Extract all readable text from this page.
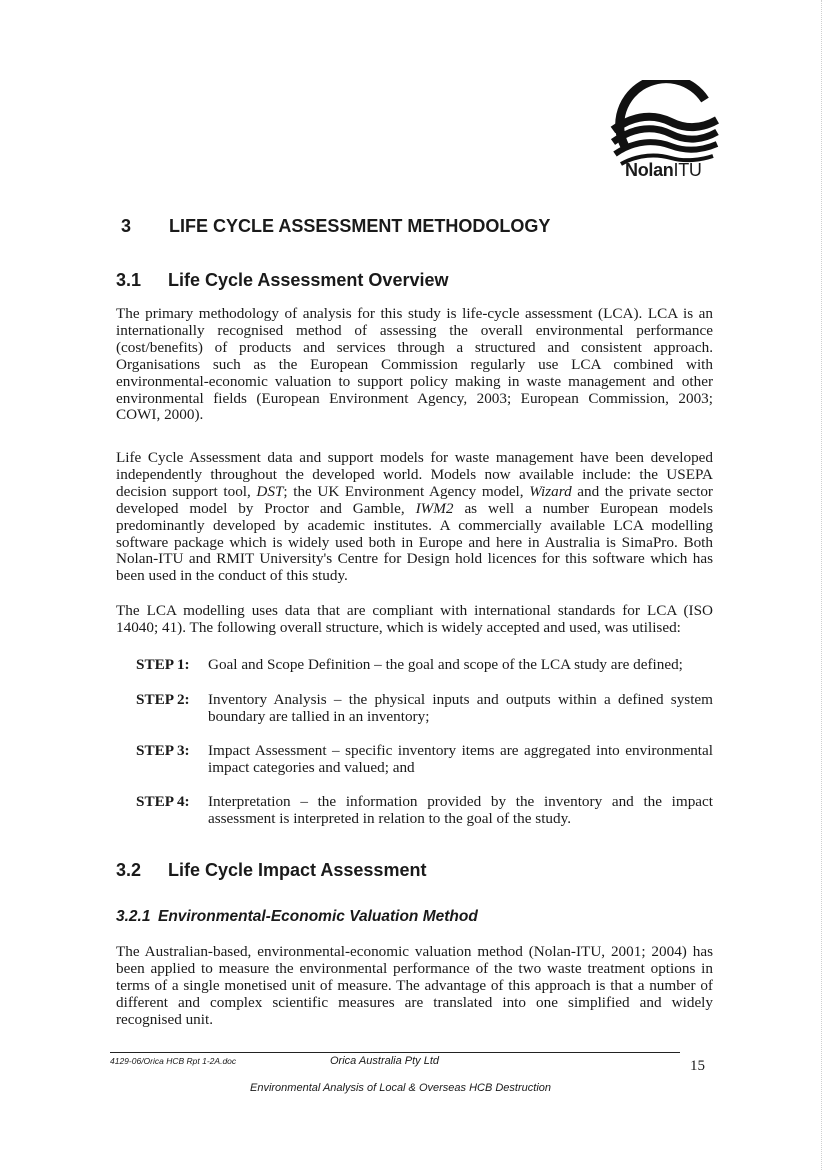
NolanITU
3 LIFE CYCLE ASSESSMENT METHODOLOGY
3.1 Life Cycle Assessment Overview

The primary methodology of analysis for this study is life-cycle assessment (LCA). LCA is an internationally recognised method of assessing the overall environmental performance (cost/benefits) of products and services through a structured and consistent approach. Organisations such as the European Commission regularly use LCA combined with environmental-economic valuation to support policy making in waste management and other environmental fields (European Environment Agency, 2003; European Commission, 2003; COWI, 2000).

Life Cycle Assessment data and support models for waste management have been developed independently throughout the developed world. Models now available include: the USEPA decision support tool, DST; the UK Environment Agency model, Wizard and the private sector developed model by Proctor and Gamble, IWM2 as well a number European models predominantly developed by academic institutes. A commercially available LCA modelling software package which is widely used both in Europe and here in Australia is SimaPro. Both Nolan-ITU and RMIT University's Centre for Design hold licences for this software which has been used in the conduct of this study.

The LCA modelling uses data that are compliant with international standards for LCA (ISO 14040; 41). The following overall structure, which is widely accepted and used, was utilised:

STEP 1: Goal and Scope Definition – the goal and scope of the LCA study are defined;
STEP 2: Inventory Analysis – the physical inputs and outputs within a defined system boundary are tallied in an inventory;
STEP 3: Impact Assessment – specific inventory items are aggregated into environmental impact categories and valued; and
STEP 4: Interpretation – the information provided by the inventory and the impact assessment is interpreted in relation to the goal of the study.
3.2 Life Cycle Impact Assessment
3.2.1 Environmental-Economic Valuation Method

The Australian-based, environmental-economic valuation method (Nolan-ITU, 2001; 2004) has been applied to measure the environmental performance of the two waste treatment options in terms of a single monetised unit of measure. The advantage of this approach is that a number of different and complex scientific measures are translated into one simplified and widely recognised unit.

4129-06/Orica HCB Rpt 1-2A.doc	Orica Australia Pty Ltd	15
Environmental Analysis of Local & Overseas HCB Destruction
